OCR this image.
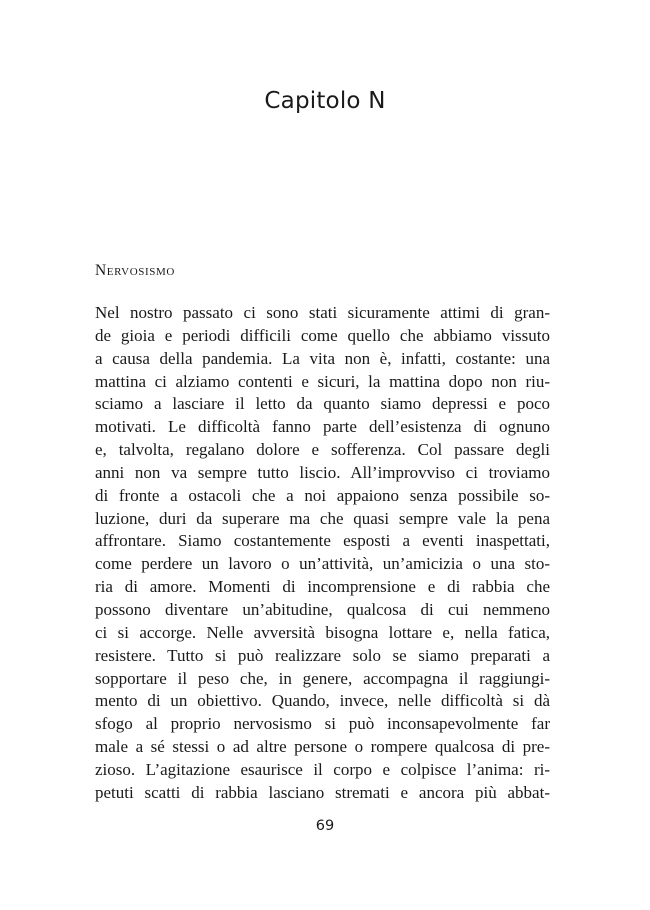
Capitolo N
Nervosismo
Nel nostro passato ci sono stati sicuramente attimi di gran-
de gioia e periodi difficili come quello che abbiamo vissuto
a causa della pandemia. La vita non è, infatti, costante: una
mattina ci alziamo contenti e sicuri, la mattina dopo non riu-
sciamo a lasciare il letto da quanto siamo depressi e poco
motivati. Le difficoltà fanno parte dell’esistenza di ognuno
e, talvolta, regalano dolore e sofferenza. Col passare degli
anni non va sempre tutto liscio. All’improvviso ci troviamo
di fronte a ostacoli che a noi appaiono senza possibile so-
luzione, duri da superare ma che quasi sempre vale la pena
affrontare. Siamo costantemente esposti a eventi inaspettati,
come perdere un lavoro o un’attività, un’amicizia o una sto-
ria di amore. Momenti di incomprensione e di rabbia che
possono diventare un’abitudine, qualcosa di cui nemmeno
ci si accorge. Nelle avversità bisogna lottare e, nella fatica,
resistere. Tutto si può realizzare solo se siamo preparati a
sopportare il peso che, in genere, accompagna il raggiungi-
mento di un obiettivo. Quando, invece, nelle difficoltà si dà
sfogo al proprio nervosismo si può inconsapevolmente far
male a sé stessi o ad altre persone o rompere qualcosa di pre-
zioso. L’agitazione esaurisce il corpo e colpisce l’anima: ri-
petuti scatti di rabbia lasciano stremati e ancora più abbat-

69
